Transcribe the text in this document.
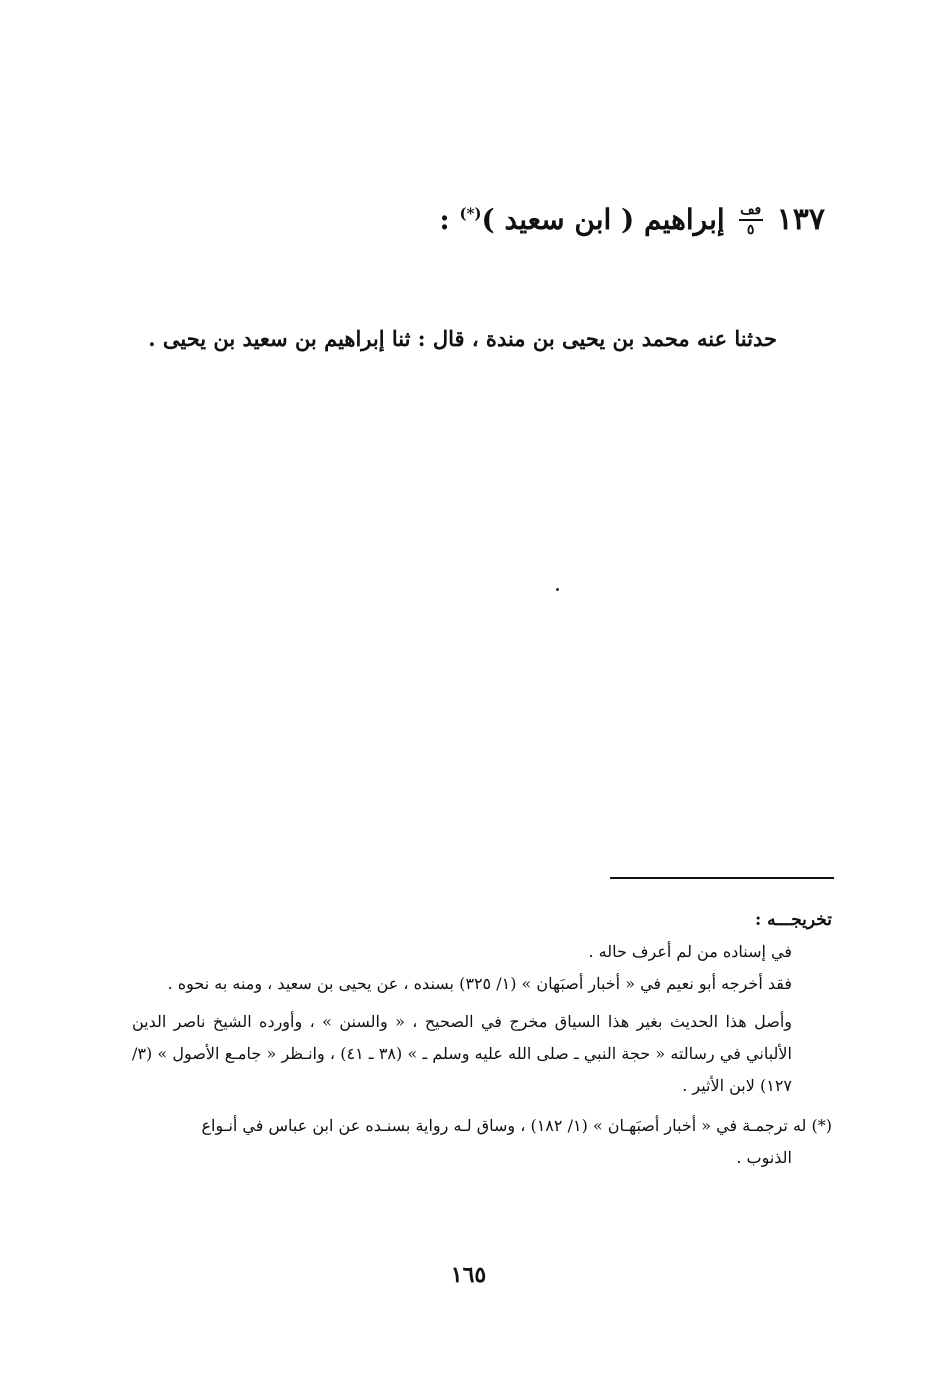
١٣٧
ڡڡ
٥
إبراهيم ( ابن سعيد )(*) :
حدثنا عنه محمد بن يحيى بن مندة ، قال : ثنا إبراهيم بن سعيد بن يحيى .

تخريجـــه :

في إسناده من لم أعرف حاله .

فقد أخرجه أبو نعيم في « أخبار أصبَهان » (١/ ٣٢٥) بسنده ، عن يحيى بن سعيد ، ومنه به نحوه .

وأصل هذا الحديث بغير هذا السياق مخرج في الصحيح ، « والسنن » ، وأورده الشيخ ناصر الدين الألباني في رسالته « حجة النبي ـ صلى الله عليه وسلم ـ » (٣٨ ـ ٤١) ، وانـظر « جامـع الأصول » (٣/ ١٢٧) لابن الأثير .

(*) له ترجمـة في « أخبار أصبَهـان » (١/ ١٨٢) ، وساق لـه رواية بسنـده عن ابن عباس في أنـواع
الذنوب .

١٦٥
